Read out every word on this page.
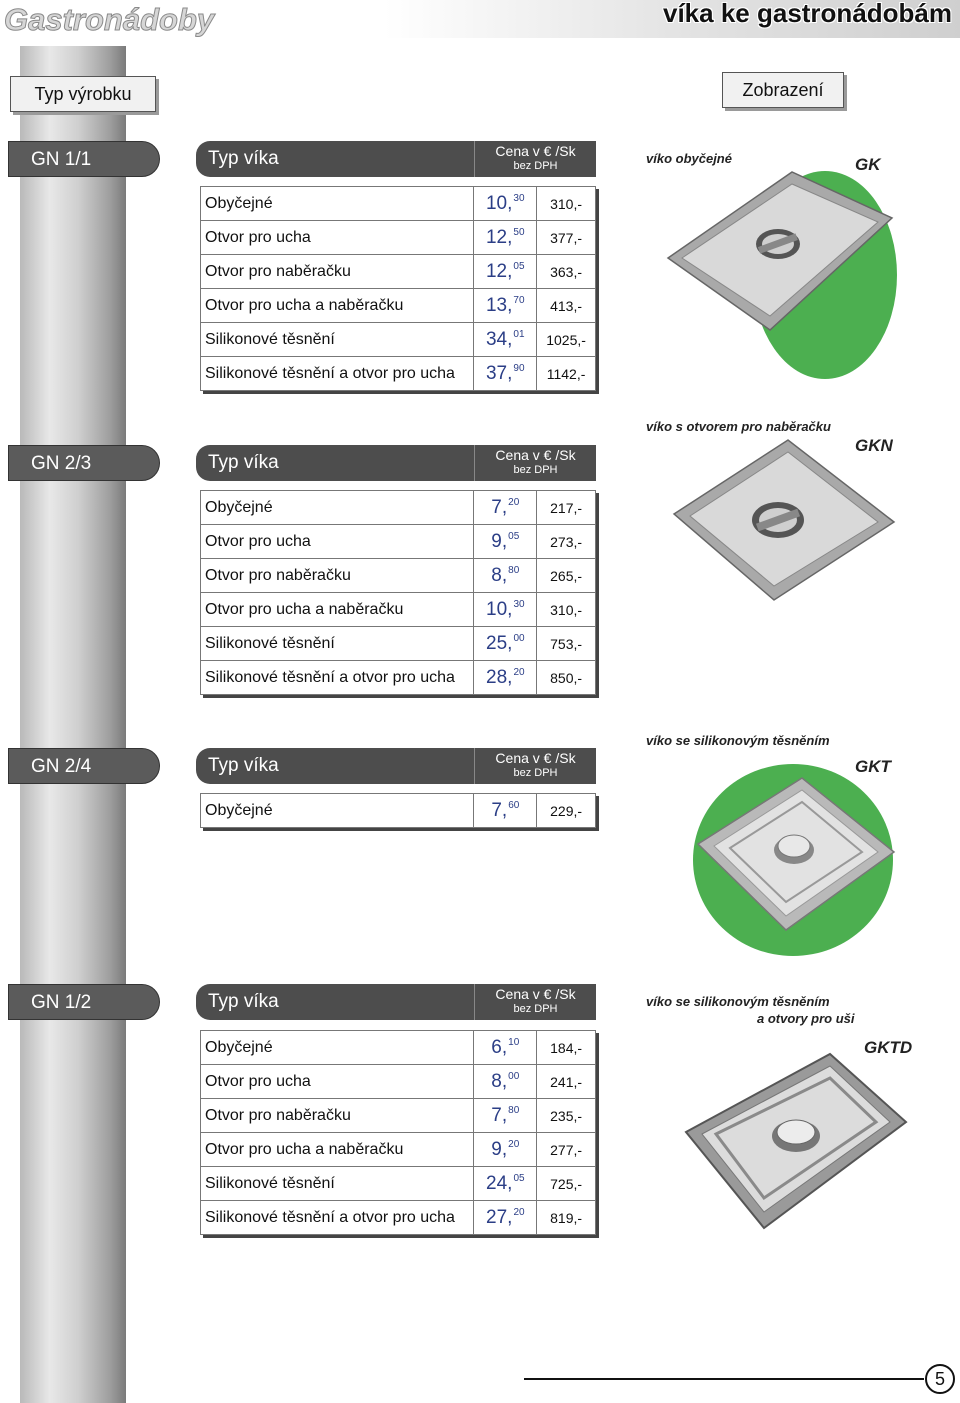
Gastronádoby	víka ke gastronádobám
Typ výrobku	Zobrazení
GN 1/1	Typ víka	Cena v € /Sk
bez DPH
Obyčejné	10,30	310,-
Otvor pro ucha	12,50	377,-
Otvor pro naběračku	12,05	363,-
Otvor pro ucha a naběračku	13,70	413,-
Silikonové těsnění	34,01	1025,-
Silikonové těsnění a otvor pro ucha	37,90	1142,-
víko obyčejné	GK
GN 2/3	Typ víka	Cena v € /Sk
bez DPH
Obyčejné	7,20	217,-
Otvor pro ucha	9,05	273,-
Otvor pro naběračku	8,80	265,-
Otvor pro ucha a naběračku	10,30	310,-
Silikonové těsnění	25,00	753,-
Silikonové těsnění a otvor pro ucha	28,20	850,-
víko s otvorem pro naběračku
GKN
GN 2/4	Typ víka	Cena v € /Sk
bez DPH
Obyčejné	7,60	229,-
víko se silikonovým těsněním
GKT
GN 1/2	Typ víka	Cena v € /Sk
bez DPH
Obyčejné	6,10	184,-
Otvor pro ucha	8,00	241,-
Otvor pro naběračku	7,80	235,-
Otvor pro ucha a naběračku	9,20	277,-
Silikonové těsnění	24,05	725,-
Silikonové těsnění a otvor pro ucha	27,20	819,-
víko se silikonovým těsněním
a otvory pro uši
GKTD
5
